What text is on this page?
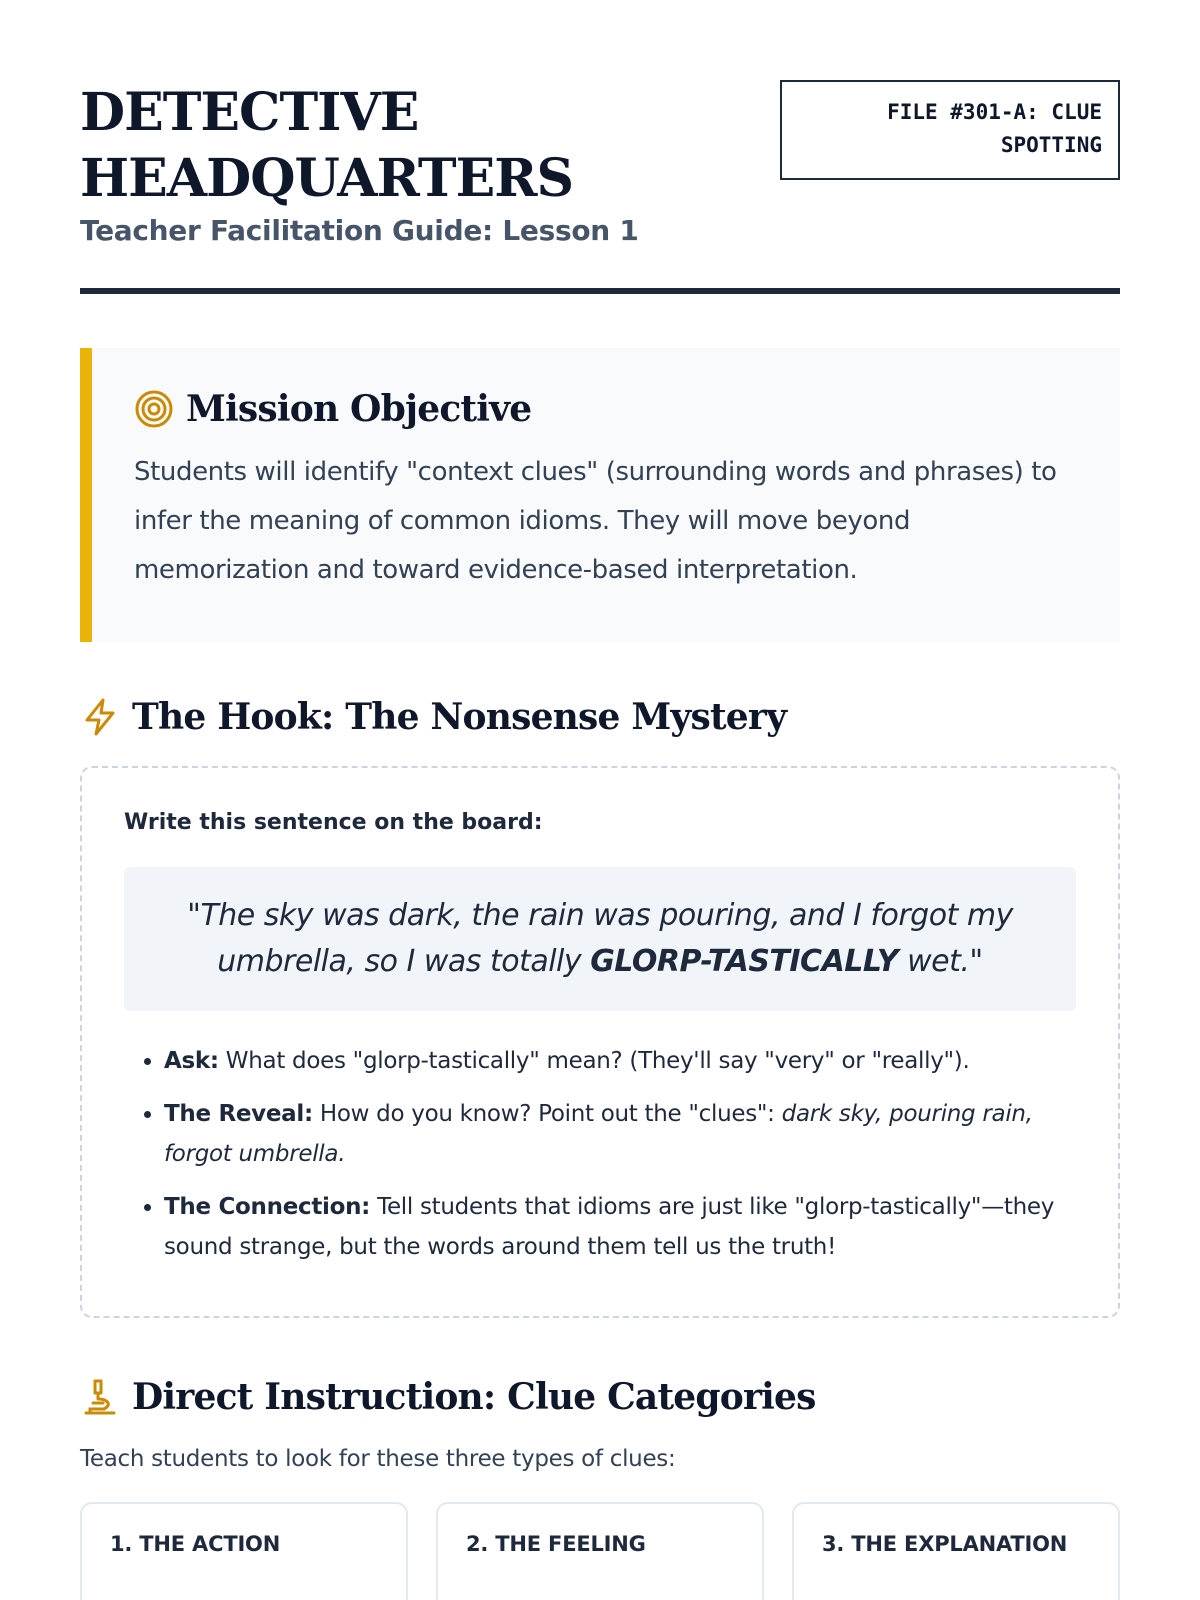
DETECTIVE
HEADQUARTERS
Teacher Facilitation Guide: Lesson 1
FILE #301-A: CLUE
SPOTTING
Mission Objective

Students will identify "context clues" (surrounding words and phrases) to infer the meaning of common idioms. They will move beyond memorization and toward evidence-based interpretation.

The Hook: The Nonsense Mystery
Write this sentence on the board:
"The sky was dark, the rain was pouring, and I forgot my umbrella, so I was totally GLORP-TASTICALLY wet."
• Ask: What does "glorp-tastically" mean? (They'll say "very" or "really").
• The Reveal: How do you know? Point out the "clues": dark sky, pouring rain, forgot umbrella.
• The Connection: Tell students that idioms are just like "glorp-tastically"—they sound strange, but the words around them tell us the truth!
Direct Instruction: Clue Categories

Teach students to look for these three types of clues:

1. THE ACTION	2. THE FEELING	3. THE EXPLANATION
